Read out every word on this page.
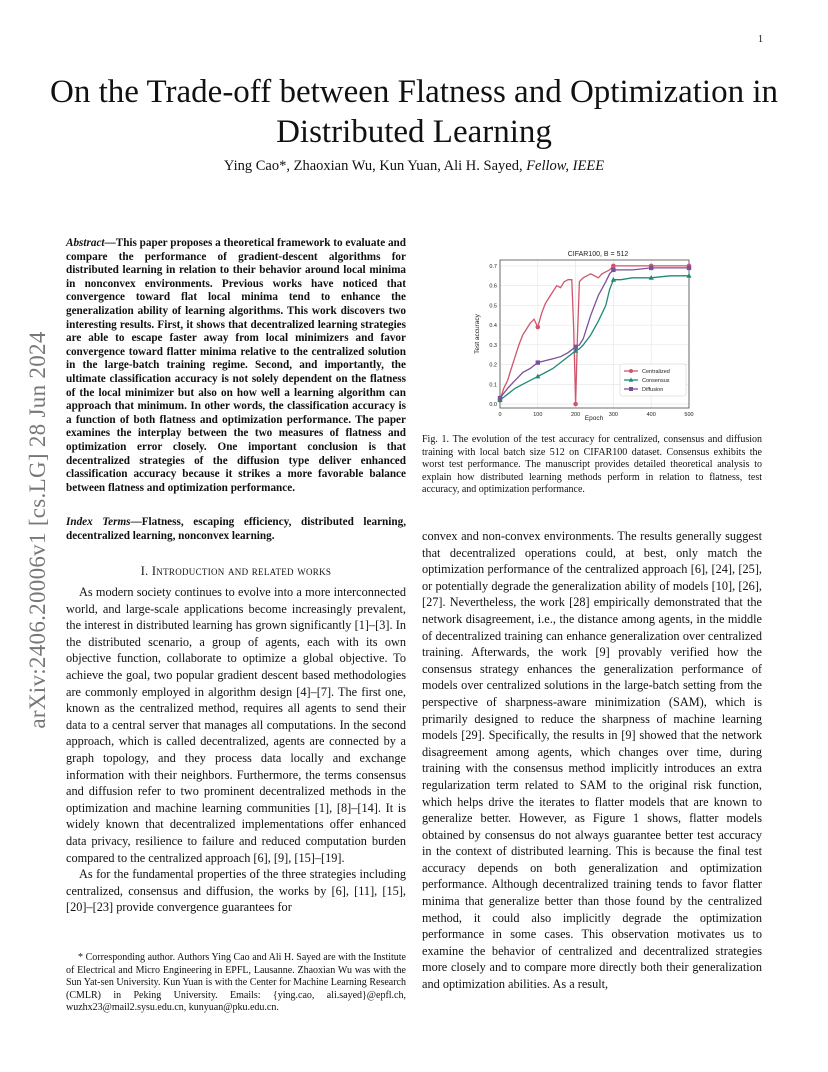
1
arXiv:2406.20006v1 [cs.LG] 28 Jun 2024
On the Trade-off between Flatness and Optimization in Distributed Learning
Ying Cao*, Zhaoxian Wu, Kun Yuan, Ali H. Sayed, Fellow, IEEE
Abstract—This paper proposes a theoretical framework to evaluate and compare the performance of gradient-descent algorithms for distributed learning in relation to their behavior around local minima in nonconvex environments. Previous works have noticed that convergence toward flat local minima tend to enhance the generalization ability of learning algorithms. This work discovers two interesting results. First, it shows that decentralized learning strategies are able to escape faster away from local minimizers and favor convergence toward flatter minima relative to the centralized solution in the large-batch training regime. Second, and importantly, the ultimate classification accuracy is not solely dependent on the flatness of the local minimizer but also on how well a learning algorithm can approach that minimum. In other words, the classification accuracy is a function of both flatness and optimization performance. The paper examines the interplay between the two measures of flatness and optimization error closely. One important conclusion is that decentralized strategies of the diffusion type deliver enhanced classification accuracy because it strikes a more favorable balance between flatness and optimization performance.
Index Terms—Flatness, escaping efficiency, distributed learning, decentralized learning, nonconvex learning.
I. Introduction and related works

As modern society continues to evolve into a more interconnected world, and large-scale applications become increasingly prevalent, the interest in distributed learning has grown significantly [1]–[3]. In the distributed scenario, a group of agents, each with its own objective function, collaborate to optimize a global objective. To achieve the goal, two popular gradient descent based methodologies are commonly employed in algorithm design [4]–[7]. The first one, known as the centralized method, requires all agents to send their data to a central server that manages all computations. In the second approach, which is called decentralized, agents are connected by a graph topology, and they process data locally and exchange information with their neighbors. Furthermore, the terms consensus and diffusion refer to two prominent decentralized methods in the optimization and machine learning communities [1], [8]–[14]. It is widely known that decentralized implementations offer enhanced data privacy, resilience to failure and reduced computation burden compared to the centralized approach [6], [9], [15]–[19].

As for the fundamental properties of the three strategies including centralized, consensus and diffusion, the works by [6], [11], [15], [20]–[23] provide convergence guarantees for

* Corresponding author. Authors Ying Cao and Ali H. Sayed are with the Institute of Electrical and Micro Engineering in EPFL, Lausanne. Zhaoxian Wu was with the Sun Yat-sen University. Kun Yuan is with the Center for Machine Learning Research (CMLR) in Peking University. Emails: {ying.cao, ali.sayed}@epfl.ch, wuzhx23@mail2.sysu.edu.cn, kunyuan@pku.edu.cn.
CIFAR100, B = 512
0	100	200	300	400	500
0.0
0.1
0.2
0.3
0.4
0.5
0.6
0.7
Epoch
Test accuracy
Centralized
Consensus
Diffusion
Fig. 1. The evolution of the test accuracy for centralized, consensus and diffusion training with local batch size 512 on CIFAR100 dataset. Consensus exhibits the worst test performance. The manuscript provides detailed theoretical analysis to explain how distributed learning methods perform in relation to flatness, test accuracy, and optimization performance.

convex and non-convex environments. The results generally suggest that decentralized operations could, at best, only match the optimization performance of the centralized approach [6], [24], [25], or potentially degrade the generalization ability of models [10], [26], [27]. Nevertheless, the work [28] empirically demonstrated that the network disagreement, i.e., the distance among agents, in the middle of decentralized training can enhance generalization over centralized training. Afterwards, the work [9] provably verified how the consensus strategy enhances the generalization performance of models over centralized solutions in the large-batch setting from the perspective of sharpness-aware minimization (SAM), which is primarily designed to reduce the sharpness of machine learning models [29]. Specifically, the results in [9] showed that the network disagreement among agents, which changes over time, during training with the consensus method implicitly introduces an extra regularization term related to SAM to the original risk function, which helps drive the iterates to flatter models that are known to generalize better. However, as Figure 1 shows, flatter models obtained by consensus do not always guarantee better test accuracy in the context of distributed learning. This is because the final test accuracy depends on both generalization and optimization performance. Although decentralized training tends to favor flatter minima that generalize better than those found by the centralized method, it could also implicitly degrade the optimization performance in some cases. This observation motivates us to examine the behavior of centralized and decentralized strategies more closely and to compare more directly both their generalization and optimization abilities. As a result,
